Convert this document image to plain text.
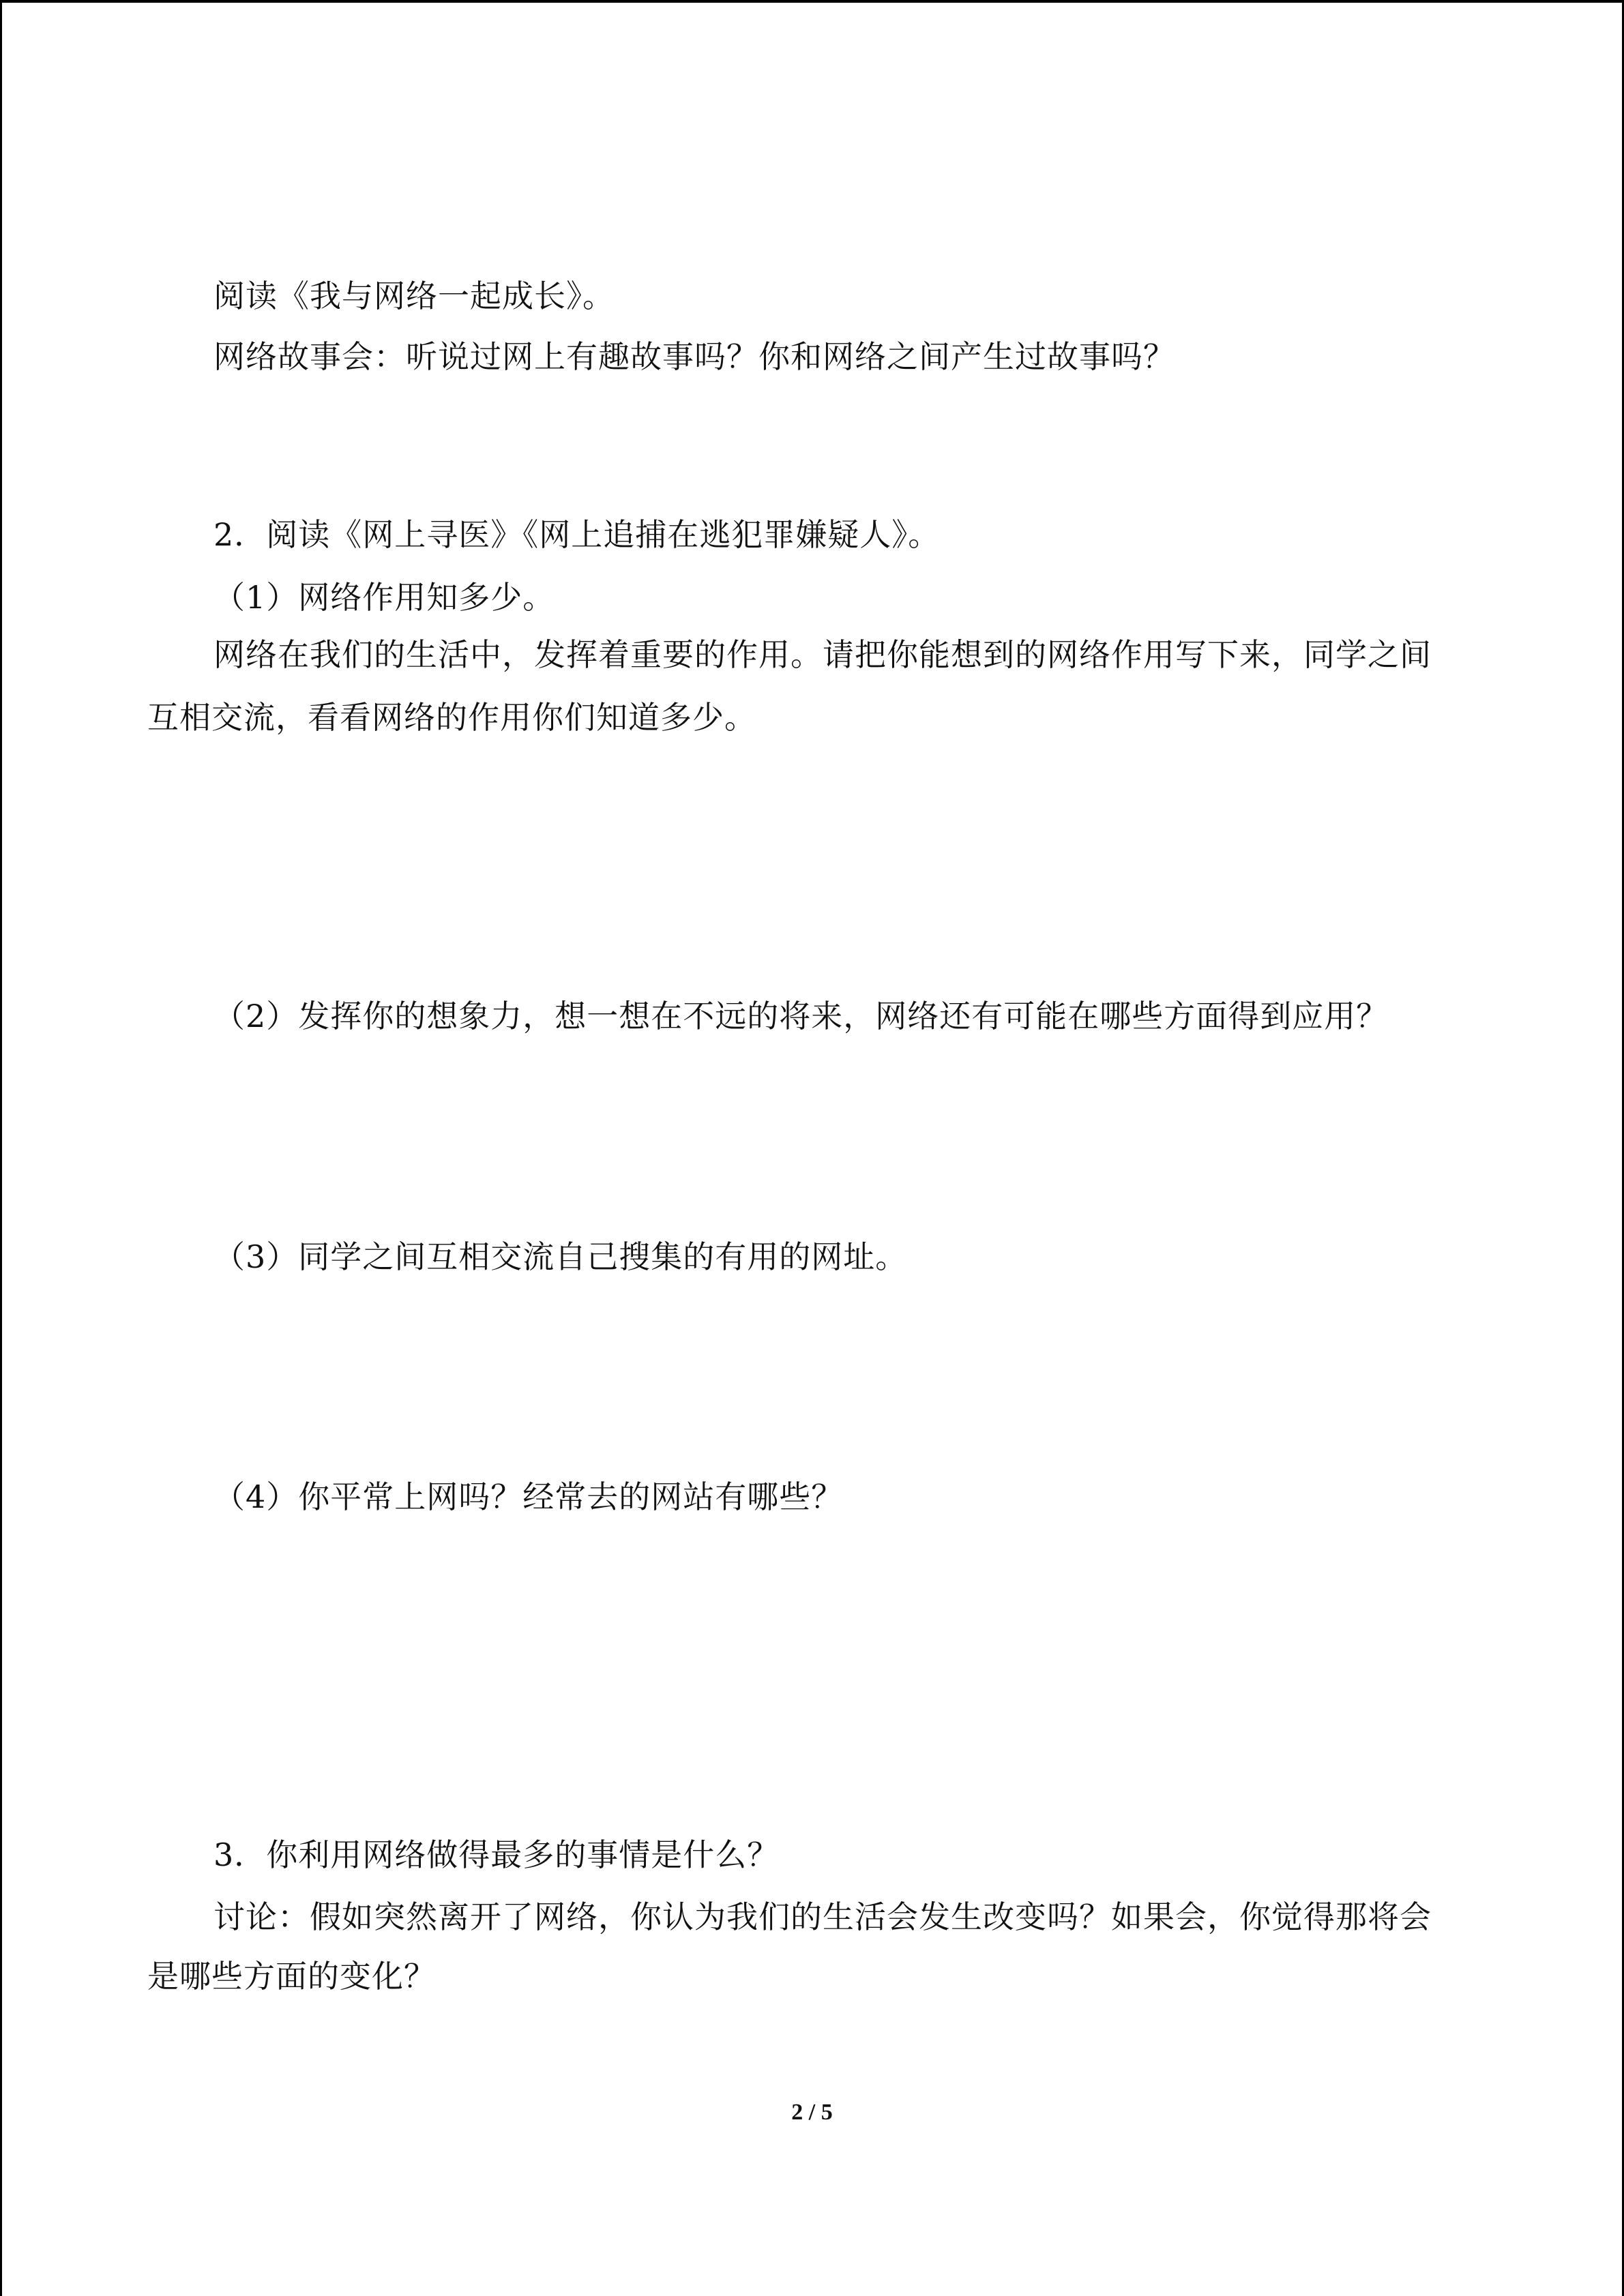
阅读《我与网络一起成长》。
网络故事会：听说过网上有趣故事吗？你和网络之间产生过故事吗？
2．阅读《网上寻医》《网上追捕在逃犯罪嫌疑人》。
（1）网络作用知多少。
网络在我们的生活中，发挥着重要的作用。请把你能想到的网络作用写下来，同学之间
互相交流，看看网络的作用你们知道多少。
（2）发挥你的想象力，想一想在不远的将来，网络还有可能在哪些方面得到应用？
（3）同学之间互相交流自己搜集的有用的网址。
（4）你平常上网吗？经常去的网站有哪些？
3．你利用网络做得最多的事情是什么？
讨论：假如突然离开了网络，你认为我们的生活会发生改变吗？如果会，你觉得那将会
是哪些方面的变化？
2 / 5
